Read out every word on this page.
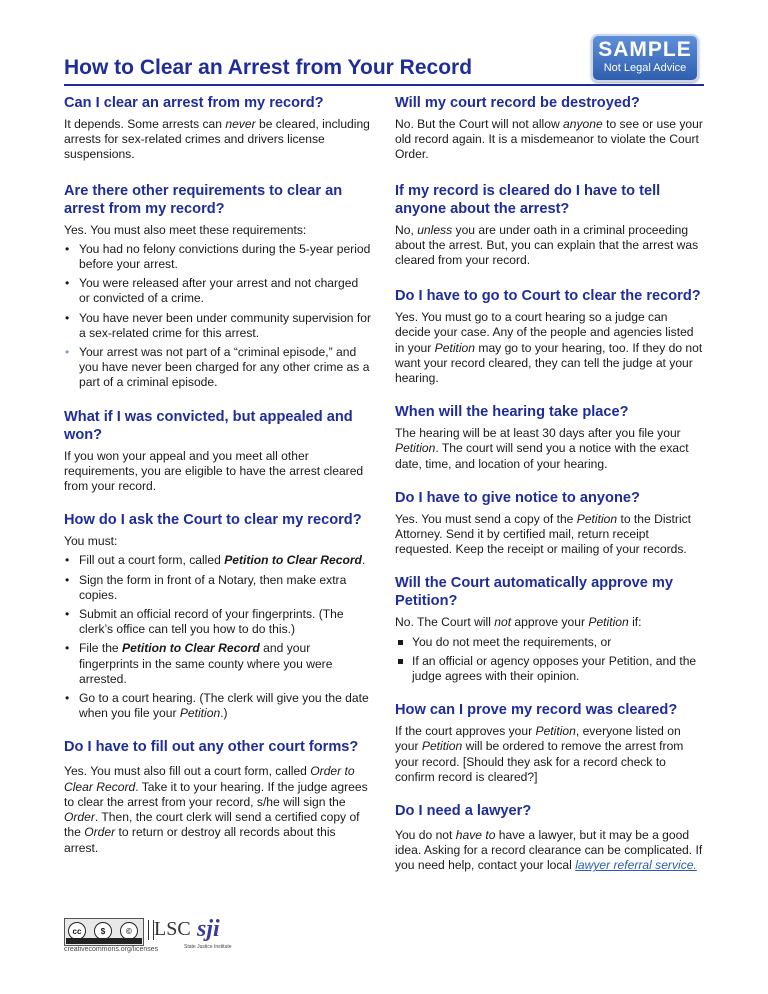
How to Clear an Arrest from Your Record
SAMPLE
Not Legal Advice
Can I clear an arrest from my record?

It depends. Some arrests can never be cleared, including arrests for sex-related crimes and drivers license suspensions.

Are there other requirements to clear an arrest from my record?

Yes. You must also meet these requirements:

• You had no felony convictions during the 5-year period before your arrest.
• You were released after your arrest and not charged or convicted of a crime.
• You have never been under community supervision for a sex-related crime for this arrest.
• Your arrest was not part of a “criminal episode,” and you have never been charged for any other crime as a part of a criminal episode.
What if I was convicted, but appealed and won?

If you won your appeal and you meet all other requirements, you are eligible to have the arrest cleared from your record.

How do I ask the Court to clear my record?

You must:

• Fill out a court form, called Petition to Clear Record.
• Sign the form in front of a Notary, then make extra copies.
• Submit an official record of your fingerprints. (The clerk’s office can tell you how to do this.)
• File the Petition to Clear Record and your fingerprints in the same county where you were arrested.
• Go to a court hearing. (The clerk will give you the date when you file your Petition.)
Do I have to fill out any other court forms?

Yes. You must also fill out a court form, called Order to Clear Record. Take it to your hearing. If the judge agrees to clear the arrest from your record, s/he will sign the Order. Then, the court clerk will send a certified copy of the Order to return or destroy all records about this arrest.

Will my court record be destroyed?

No. But the Court will not allow anyone to see or use your old record again. It is a misdemeanor to violate the Court Order.

If my record is cleared do I have to tell anyone about the arrest?

No, unless you are under oath in a criminal proceeding about the arrest. But, you can explain that the arrest was cleared from your record.

Do I have to go to Court to clear the record?

Yes. You must go to a court hearing so a judge can decide your case. Any of the people and agencies listed in your Petition may go to your hearing, too. If they do not want your record cleared, they can tell the judge at your hearing.

When will the hearing take place?

The hearing will be at least 30 days after you file your Petition. The court will send you a notice with the exact date, time, and location of your hearing.

Do I have to give notice to anyone?

Yes. You must send a copy of the Petition to the District Attorney. Send it by certified mail, return receipt requested. Keep the receipt or mailing of your records.

Will the Court automatically approve my Petition?

No. The Court will not approve your Petition if:

You do not meet the requirements, or
If an official or agency opposes your Petition, and the judge agrees with their opinion.
How can I prove my record was cleared?

If the court approves your Petition, everyone listed on your Petition will be ordered to remove the arrest from your record. [Should they ask for a record check to confirm record is cleared?]

Do I need a lawyer?

You do not have to have a lawyer, but it may be a good idea. Asking for a record clearance can be complicated. If you need help, contact your local lawyer referral service.

cc	$	©
creativecommons.org/licenses
LSC sji
State Justice Institute
